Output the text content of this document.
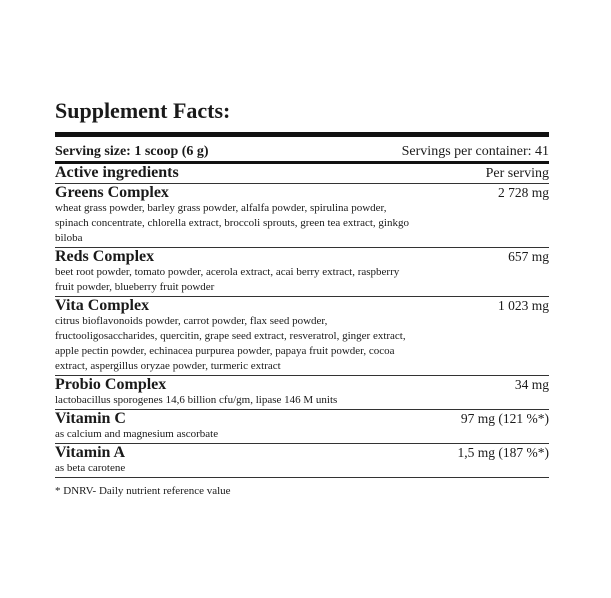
Supplement Facts:
Serving size: 1 scoop (6 g)	Servings per container: 41
Active ingredients	Per serving
Greens Complex	2 728 mg
wheat grass powder, barley grass powder, alfalfa powder, spirulina powder, spinach concentrate, chlorella extract, broccoli sprouts, green tea extract, ginkgo biloba
Reds Complex	657 mg
beet root powder, tomato powder, acerola extract, acai berry extract, raspberry fruit powder, blueberry fruit powder
Vita Complex	1 023 mg
citrus bioflavonoids powder, carrot powder, flax seed powder, fructooligosaccharides, quercitin, grape seed extract, resveratrol, ginger extract, apple pectin powder, echinacea purpurea powder, papaya fruit powder, cocoa extract, aspergillus oryzae powder, turmeric extract
Probio Complex	34 mg
lactobacillus sporogenes 14,6 billion cfu/gm, lipase 146 M units
Vitamin C	97 mg (121 %*)
as calcium and magnesium ascorbate
Vitamin A	1,5 mg (187 %*)
as beta carotene
* DNRV- Daily nutrient reference value
